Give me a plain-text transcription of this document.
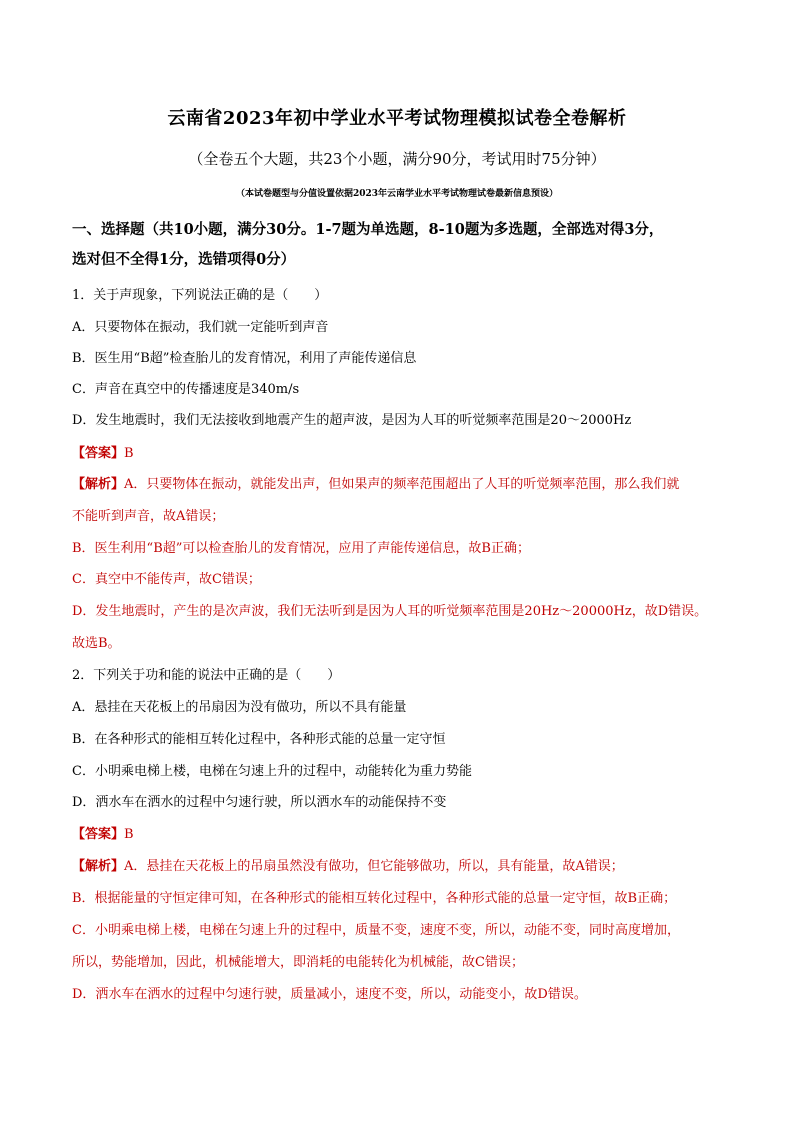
云南省2023年初中学业水平考试物理模拟试卷全卷解析
（全卷五个大题，共23个小题，满分90分，考试用时75分钟）
（本试卷题型与分值设置依据2023年云南学业水平考试物理试卷最新信息预设）
一、选择题（共10小题，满分30分。1-7题为单选题，8-10题为多选题，全部选对得3分，
选对但不全得1分，选错项得0分）
1．关于声现象，下列说法正确的是（　　）
A．只要物体在振动，我们就一定能听到声音
B．医生用“B超”检查胎儿的发育情况，利用了声能传递信息
C．声音在真空中的传播速度是340m/s
D．发生地震时，我们无法接收到地震产生的超声波，是因为人耳的听觉频率范围是20～2000Hz
【答案】B
【解析】A．只要物体在振动，就能发出声，但如果声的频率范围超出了人耳的听觉频率范围，那么我们就
不能听到声音，故A错误；
B．医生利用“B超”可以检查胎儿的发育情况，应用了声能传递信息，故B正确；
C．真空中不能传声，故C错误；
D．发生地震时，产生的是次声波，我们无法听到是因为人耳的听觉频率范围是20Hz～20000Hz，故D错误。
故选B。
2．下列关于功和能的说法中正确的是（　　）
A．悬挂在天花板上的吊扇因为没有做功，所以不具有能量
B．在各种形式的能相互转化过程中，各种形式能的总量一定守恒
C．小明乘电梯上楼，电梯在匀速上升的过程中，动能转化为重力势能
D．洒水车在洒水的过程中匀速行驶，所以洒水车的动能保持不变
【答案】B
【解析】A．悬挂在天花板上的吊扇虽然没有做功，但它能够做功，所以，具有能量，故A错误；
B．根据能量的守恒定律可知，在各种形式的能相互转化过程中，各种形式能的总量一定守恒，故B正确；
C．小明乘电梯上楼，电梯在匀速上升的过程中，质量不变，速度不变，所以，动能不变，同时高度增加，
所以，势能增加，因此，机械能增大，即消耗的电能转化为机械能，故C错误；
D．洒水车在洒水的过程中匀速行驶，质量减小，速度不变，所以，动能变小，故D错误。
